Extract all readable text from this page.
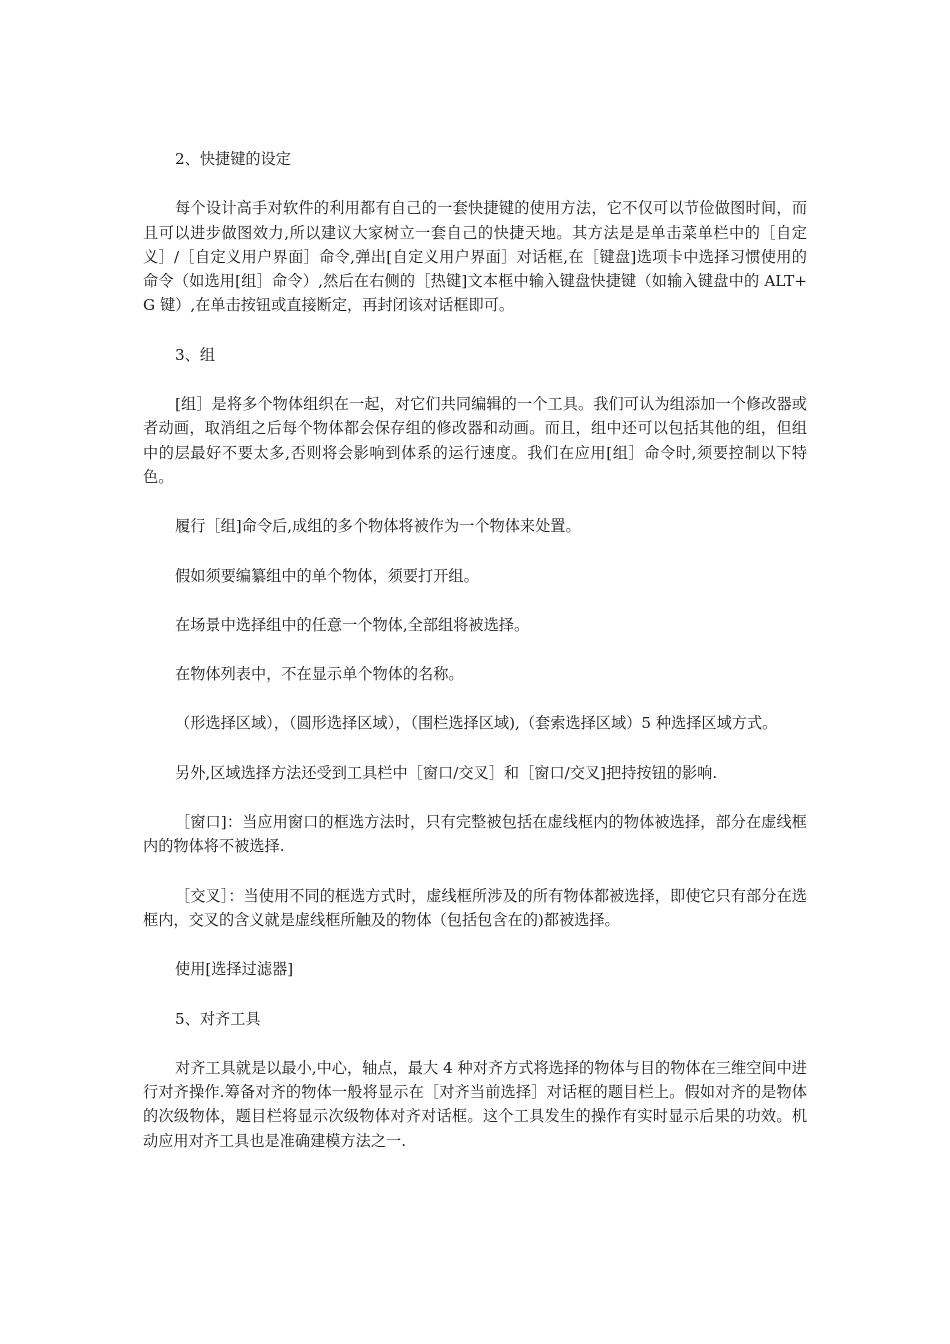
2、快捷键的设定

每个设计高手对软件的利用都有自己的一套快捷键的使用方法，它不仅可以节俭做图时间，而且可以进步做图效力,所以建议大家树立一套自己的快捷天地。其方法是是单击菜单栏中的［自定义］/［自定义用户界面］命令,弹出[自定义用户界面］对话框,在［键盘]选项卡中选择习惯使用的命令（如选用[组］命令）,然后在右侧的［热键]文本框中输入键盘快捷键（如输入键盘中的 ALT+G 键）,在单击按钮或直接断定，再封闭该对话框即可。

3、组

[组］是将多个物体组织在一起，对它们共同编辑的一个工具。我们可认为组添加一个修改器或者动画，取消组之后每个物体都会保存组的修改器和动画。而且，组中还可以包括其他的组，但组中的层最好不要太多,否则将会影响到体系的运行速度。我们在应用[组］命令时,须要控制以下特色。

履行［组]命令后,成组的多个物体将被作为一个物体来处置。

假如须要编纂组中的单个物体，须要打开组。

在场景中选择组中的任意一个物体,全部组将被选择。

在物体列表中，不在显示单个物体的名称。

（形选择区域），（圆形选择区域），（围栏选择区域),（套索选择区域）5 种选择区域方式。

另外,区域选择方法还受到工具栏中［窗口/交叉］和［窗口/交叉]把持按钮的影响.

［窗口]：当应用窗口的框选方法时，只有完整被包括在虚线框内的物体被选择，部分在虚线框内的物体将不被选择.

［交叉］：当使用不同的框选方式时，虚线框所涉及的所有物体都被选择，即使它只有部分在选框内，交叉的含义就是虚线框所触及的物体（包括包含在的)都被选择。

使用[选择过滤器]

5、对齐工具

对齐工具就是以最小,中心，轴点，最大 4 种对齐方式将选择的物体与目的物体在三维空间中进行对齐操作.筹备对齐的物体一般将显示在［对齐当前选择］对话框的题目栏上。假如对齐的是物体的次级物体，题目栏将显示次级物体对齐对话框。这个工具发生的操作有实时显示后果的功效。机动应用对齐工具也是准确建模方法之一.
